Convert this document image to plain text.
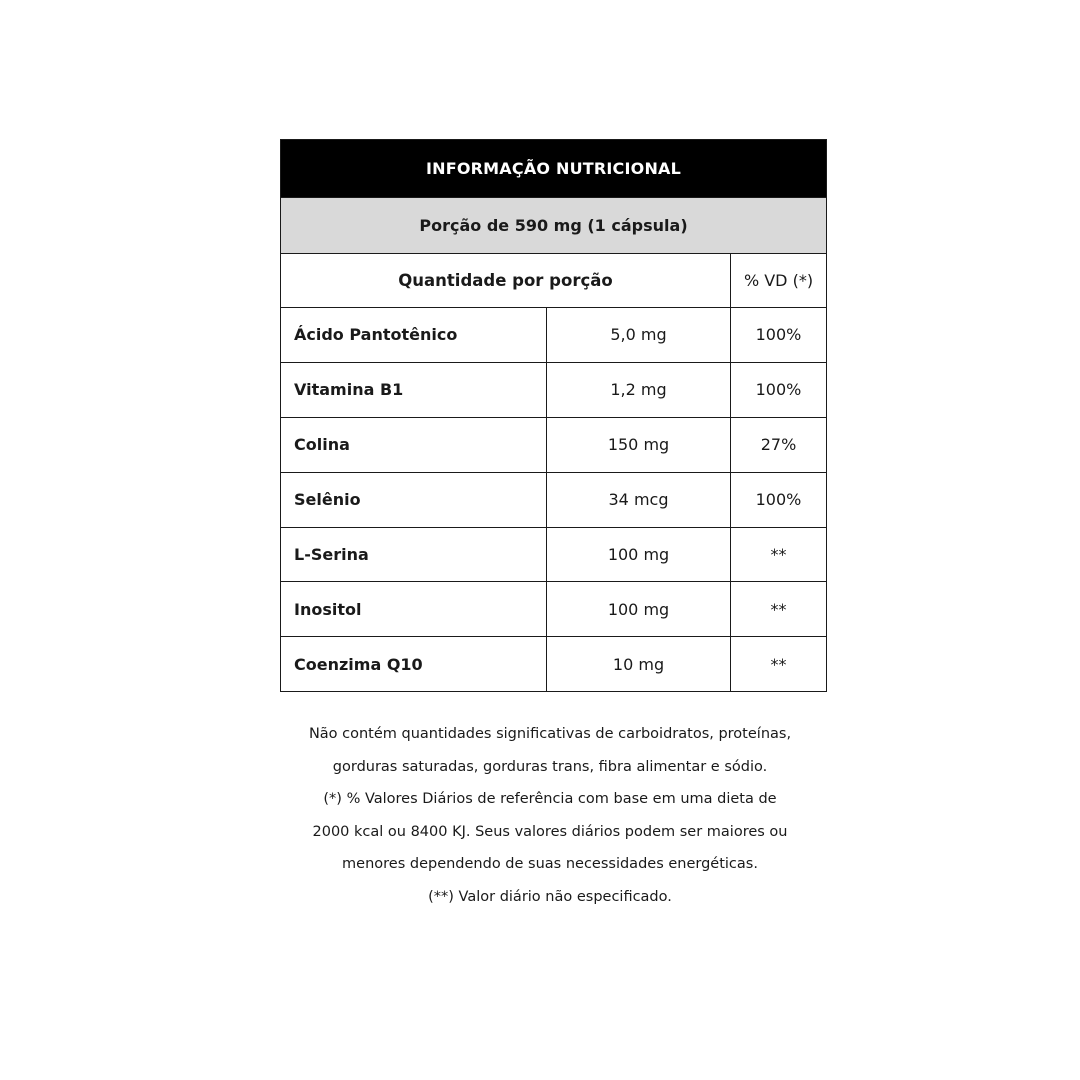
INFORMAÇÃO NUTRICIONAL		
Porção de 590 mg (1 cápsula)		
Quantidade por porção		% VD (*)
Ácido Pantotênico	5,0 mg	100%
Vitamina B1	1,2 mg	100%
Colina	150 mg	27%
Selênio	34 mcg	100%
L-Serina	100 mg	**
Inositol	100 mg	**
Coenzima Q10	10 mg	**

Não contém quantidades significativas de carboidratos, proteínas,

gorduras saturadas, gorduras trans, fibra alimentar e sódio.

(*) % Valores Diários de referência com base em uma dieta de

2000 kcal ou 8400 KJ. Seus valores diários podem ser maiores ou

menores dependendo de suas necessidades energéticas.

(**) Valor diário não especificado.
